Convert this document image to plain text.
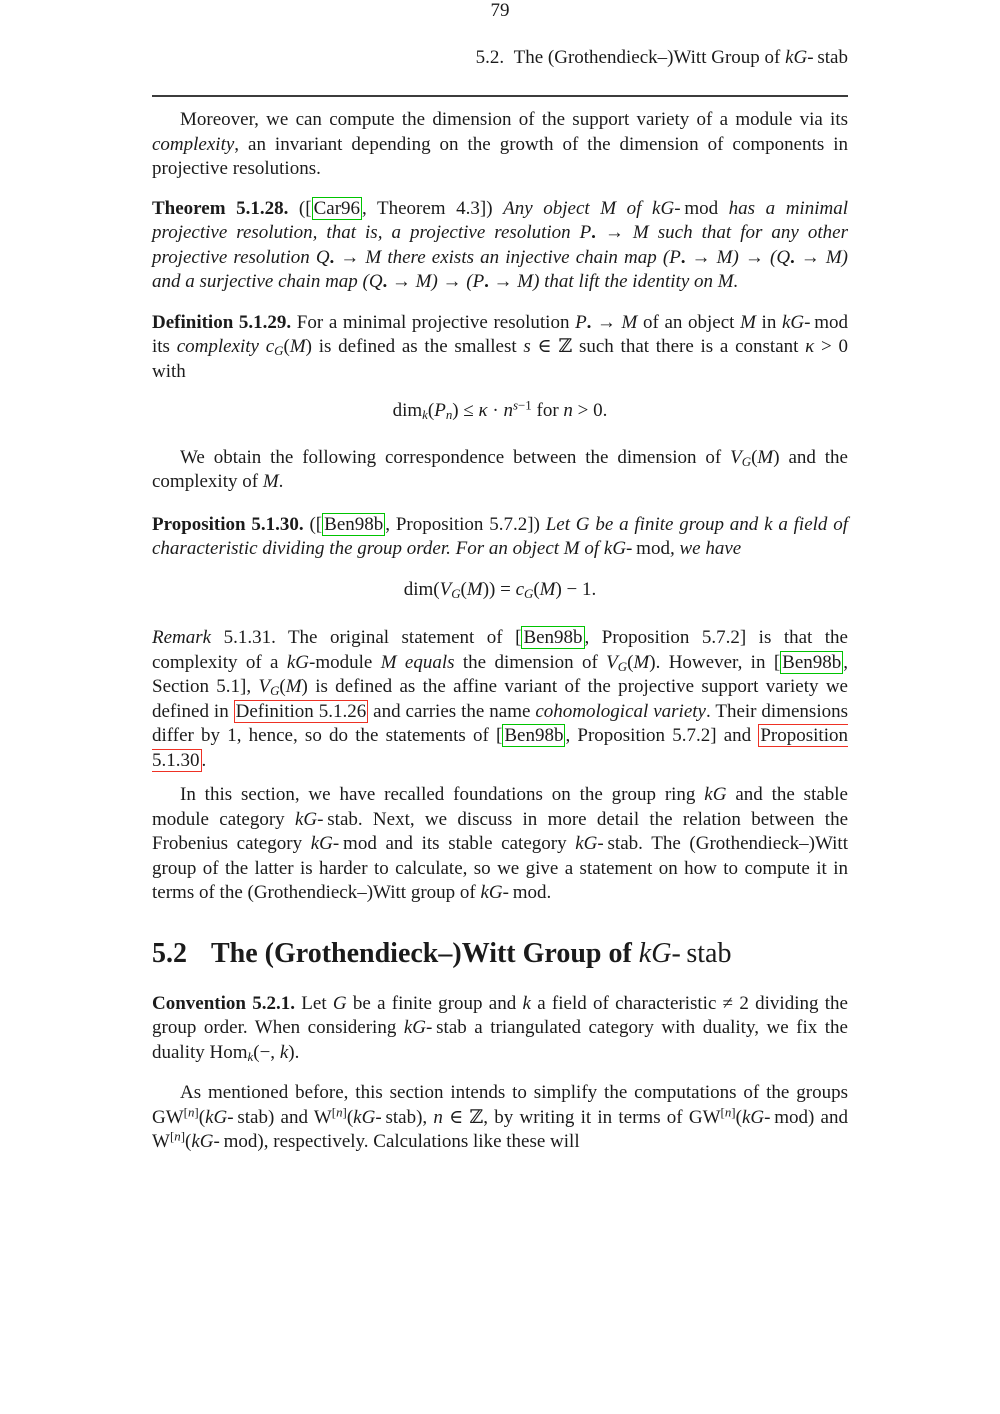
5.2.  The (Grothendieck–)Witt Group of kG- stab

Moreover, we can compute the dimension of the support variety of a module via its complexity, an invariant depending on the growth of the dimension of components in projective resolutions.

Theorem 5.1.28. ([ Car96 , Theorem 4.3]) Any object M of kG- mod has a minimal projective resolution, that is, a projective resolution $P_• \to M$ such that for any other projective resolution $Q_• \to M$ there exists an injective chain map $(P_• \to M) \to (Q_• \to M)$ and a surjective chain map $(Q_• \to M) \to (P_• \to M)$ that lift the identity on M.

Definition 5.1.29. For a minimal projective resolution $P_• \to M$ of an object M in kG- mod its complexity $c_G(M)$ is defined as the smallest s ∈ ℤ such that there is a constant κ > 0 with

$dim_k(P_n) \le \kappa \cdot n^{s-1}$ for n > 0.

We obtain the following correspondence between the dimension of $V_G(M)$ and the complexity of M.

Proposition 5.1.30. ([ Ben98b , Proposition 5.7.2]) Let G be a finite group and k a field of characteristic dividing the group order. For an object M of kG- mod, we have

$dim(V_G(M)) = c_G(M) - 1$.

Remark 5.1.31. The original statement of [ Ben98b , Proposition 5.7.2] is that the complexity of a kG-module M equals the dimension of $V_G(M)$. However, in [ Ben98b , Section 5.1], $V_G(M)$ is defined as the affine variant of the projective support variety we defined in Definition 5.1.26 and carries the name cohomological variety. Their dimensions differ by 1, hence, so do the statements of [ Ben98b , Proposition 5.7.2] and Proposition 5.1.30 .

In this section, we have recalled foundations on the group ring kG and the stable module category kG- stab. Next, we discuss in more detail the relation between the Frobenius category kG- mod and its stable category kG- stab. The (Grothendieck–)Witt group of the latter is harder to calculate, so we give a statement on how to compute it in terms of the (Grothendieck–)Witt group of kG- mod.

5.2 The (Grothendieck–)Witt Group of kG- stab

Convention 5.2.1. Let G be a finite group and k a field of characteristic ≠ 2 dividing the group order. When considering kG- stab a triangulated category with duality, we fix the duality Hom$_k$(−, k).

As mentioned before, this section intends to simplify the computations of the groups GW[n](kG- stab) and W[n](kG- stab), n ∈ ℤ, by writing it in terms of GW[n](kG- mod) and W[n](kG- mod), respectively. Calculations like these will

79
